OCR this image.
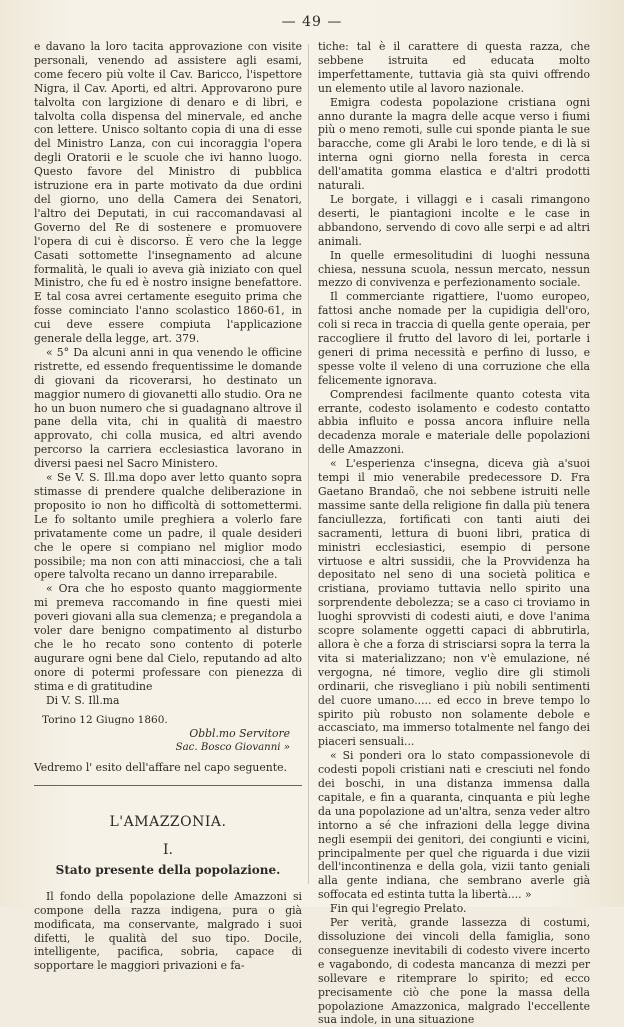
— 49 —

e davano la loro tacita approvazione con visite personali, venendo ad assistere agli esami, come fecero più volte il Cav. Baricco, l'ispettore Nigra, il Cav. Aporti, ed altri. Approvarono pure talvolta con largizione di denaro e di libri, e talvolta colla dispensa del minervale, ed anche con lettere. Unisco soltanto copia di una di esse del Ministro Lanza, con cui incoraggia l'opera degli Oratorii e le scuole che ivi hanno luogo. Questo favore del Ministro di pubblica istruzione era in parte motivato da due ordini del giorno, uno della Camera dei Senatori, l'altro dei Deputati, in cui raccomandavasi al Governo del Re di sostenere e promuovere l'opera di cui è discorso. È vero che la legge Casati sottomette l'insegnamento ad alcune formalità, le quali io aveva già iniziato con quel Ministro, che fu ed è nostro insigne benefattore. E tal cosa avrei certamente eseguito prima che fosse cominciato l'anno scolastico 1860-61, in cui deve essere compiuta l'applicazione generale della legge, art. 379.

« 5° Da alcuni anni in qua venendo le officine ristrette, ed essendo frequentissime le domande di giovani da ricoverarsi, ho destinato un maggior numero di giovanetti allo studio. Ora ne ho un buon numero che si guadagnano altrove il pane della vita, chi in qualità di maestro approvato, chi colla musica, ed altri avendo percorso la carriera ecclesiastica lavorano in diversi paesi nel Sacro Ministero.

« Se V. S. Ill.ma dopo aver letto quanto sopra stimasse di prendere qualche deliberazione in proposito io non ho difficoltà di sottomettermi. Le fo soltanto umile preghiera a volerlo fare privatamente come un padre, il quale desideri che le opere si compiano nel miglior modo possibile; ma non con atti minacciosi, che a tali opere talvolta recano un danno irreparabile.

« Ora che ho esposto quanto maggiormente mi premeva raccomando in fine questi miei poveri giovani alla sua clemenza; e pregandola a voler dare benigno compatimento al disturbo che le ho recato sono contento di poterle augurare ogni bene dal Cielo, reputando ad alto onore di potermi professare con pienezza di stima e di gratitudine

Di V. S. Ill.ma

Torino 12 Giugno 1860.

Obbl.mo Servitore

Sac. Bosco Giovanni »

Vedremo l' esito dell'affare nel capo seguente.

L'AMAZZONIA.
I.
Stato presente della popolazione.

Il fondo della popolazione delle Amazzoni si compone della razza indigena, pura o già modificata, ma conservante, malgrado i suoi difetti, le qualità del suo tipo. Docile, intelligente, pacifica, sobria, capace di sopportare le maggiori privazioni e fa-

tiche: tal è il carattere di questa razza, che sebbene istruita ed educata molto imperfettamente, tuttavia già sta quivi offrendo un elemento utile al lavoro nazionale.

Emigra codesta popolazione cristiana ogni anno durante la magra delle acque verso i fiumi più o meno remoti, sulle cui sponde pianta le sue baracche, come gli Arabi le loro tende, e di là si interna ogni giorno nella foresta in cerca dell'amatita gomma elastica e d'altri prodotti naturali.

Le borgate, i villaggi e i casali rimangono deserti, le piantagioni incolte e le case in abbandono, servendo di covo alle serpi e ad altri animali.

In quelle ermesolitudini di luoghi nessuna chiesa, nessuna scuola, nessun mercato, nessun mezzo di convivenza e perfezionamento sociale.

Il commerciante rigattiere, l'uomo europeo, fattosi anche nomade per la cupidigia dell'oro, coli si reca in traccia di quella gente operaia, per raccogliere il frutto del lavoro di lei, portarle i generi di prima necessità e perfino di lusso, e spesse volte il veleno di una corruzione che ella felicemente ignorava.

Comprendesi facilmente quanto cotesta vita errante, codesto isolamento e codesto contatto abbia influito e possa ancora influire nella decadenza morale e materiale delle popolazioni delle Amazzoni.

« L'esperienza c'insegna, diceva già a'suoi tempi il mio venerabile predecessore D. Fra Gaetano Brandaõ, che noi sebbene istruiti nelle massime sante della religione fin dalla più tenera fanciullezza, fortificati con tanti aiuti dei sacramenti, lettura di buoni libri, pratica di ministri ecclesiastici, esempio di persone virtuose e altri sussidii, che la Provvidenza ha depositato nel seno di una società politica e cristiana, proviamo tuttavia nello spirito una sorprendente debolezza; se a caso ci troviamo in luoghi sprovvisti di codesti aiuti, e dove l'anima scopre solamente oggetti capaci di abbrutirla, allora è che a forza di strisciarsi sopra la terra la vita si materializzano; non v'è emulazione, né vergogna, né timore, veglio dire gli stimoli ordinarii, che risvegliano i più nobili sentimenti del cuore umano..... ed ecco in breve tempo lo spirito più robusto non solamente debole e accasciato, ma immerso totalmente nel fango dei piaceri sensuali...

« Si ponderi ora lo stato compassionevole di codesti popoli cristiani nati e cresciuti nel fondo dei boschi, in una distanza immensa dalla capitale, e fin a quaranta, cinquanta e più leghe da una popolazione ad un'altra, senza veder altro intorno a sé che infrazioni della legge divina negli esempii dei genitori, dei congiunti e vicini, principalmente per quel che riguarda i due vizii dell'incontinenza e della gola, vizii tanto geniali alla gente indiana, che sembrano averle già soffocata ed estinta tutta la libertà.... »

Fin qui l'egregio Prelato.

Per verità, grande lassezza di costumi, dissoluzione dei vincoli della famiglia, sono conseguenze inevitabili di codesto vivere incerto e vagabondo, di codesta mancanza di mezzi per sollevare e ritemprare lo spirito; ed ecco precisamente ciò che pone la massa della popolazione Amazzonica, malgrado l'eccellente sua indole, in una situazione
